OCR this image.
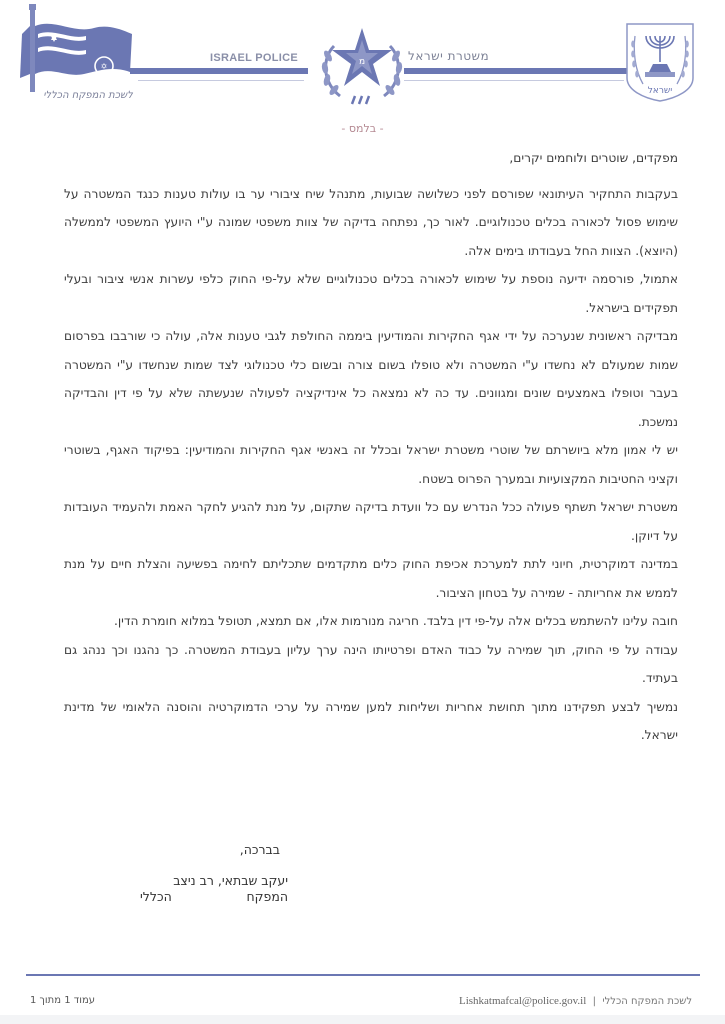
✡
לשכת המפקח הכללי
ISRAEL POLICE	מ	משטרת ישראל
ישראל
- בלמס -

מפקדים, שוטרים ולוחמים יקרים,

בעקבות התחקיר העיתונאי שפורסם לפני כשלושה שבועות, מתנהל שיח ציבורי ער בו עולות טענות כנגד המשטרה על שימוש פסול לכאורה בכלים טכנולוגיים. לאור כך, נפתחה בדיקה של צוות משפטי שמונה ע"י היועץ המשפטי לממשלה (היוצא). הצוות החל בעבודתו בימים אלה.

אתמול, פורסמה ידיעה נוספת על שימוש לכאורה בכלים טכנולוגיים שלא על-פי החוק כלפי עשרות אנשי ציבור ובעלי תפקידים בישראל.

מבדיקה ראשונית שנערכה על ידי אגף החקירות והמודיעין ביממה החולפת לגבי טענות אלה, עולה כי שורבבו בפרסום שמות שמעולם לא נחשדו ע"י המשטרה ולא טופלו בשום צורה ובשום כלי טכנולוגי לצד שמות שנחשדו ע"י המשטרה בעבר וטופלו באמצעים שונים ומגוונים. עד כה לא נמצאה כל אינדיקציה לפעולה שנעשתה שלא על פי דין והבדיקה נמשכת.

יש לי אמון מלא ביושרתם של שוטרי משטרת ישראל ובכלל זה באנשי אגף החקירות והמודיעין: בפיקוד האגף, בשוטרי וקציני החטיבות המקצועיות ובמערך הפרוס בשטח.

משטרת ישראל תשתף פעולה ככל הנדרש עם כל וועדת בדיקה שתקום, על מנת להגיע לחקר האמת ולהעמיד העובדות על דיוקן.

במדינה דמוקרטית, חיוני לתת למערכת אכיפת החוק כלים מתקדמים שתכליתם לחימה בפשיעה והצלת חיים על מנת לממש את אחריותה - שמירה על בטחון הציבור.

חובה עלינו להשתמש בכלים אלה על-פי דין בלבד. חריגה מנורמות אלו, אם תמצא, תטופל במלוא חומרת הדין.

עבודה על פי החוק, תוך שמירה על כבוד האדם ופרטיותו הינה ערך עליון בעבודת המשטרה. כך נהגנו וכך ננהג גם בעתיד.

נמשיך לבצע תפקידנו מתוך תחושת אחריות ושליחות למען שמירה על ערכי הדמוקרטיה והוסנה הלאומי של מדינת ישראל.

בברכה,
יעקב שבתאי, רב ניצב
המפקח
הכללי
עמוד 1 מתוך 1	לשכת המפקח הכללי  |  Lishkatmafcal@police.gov.il
